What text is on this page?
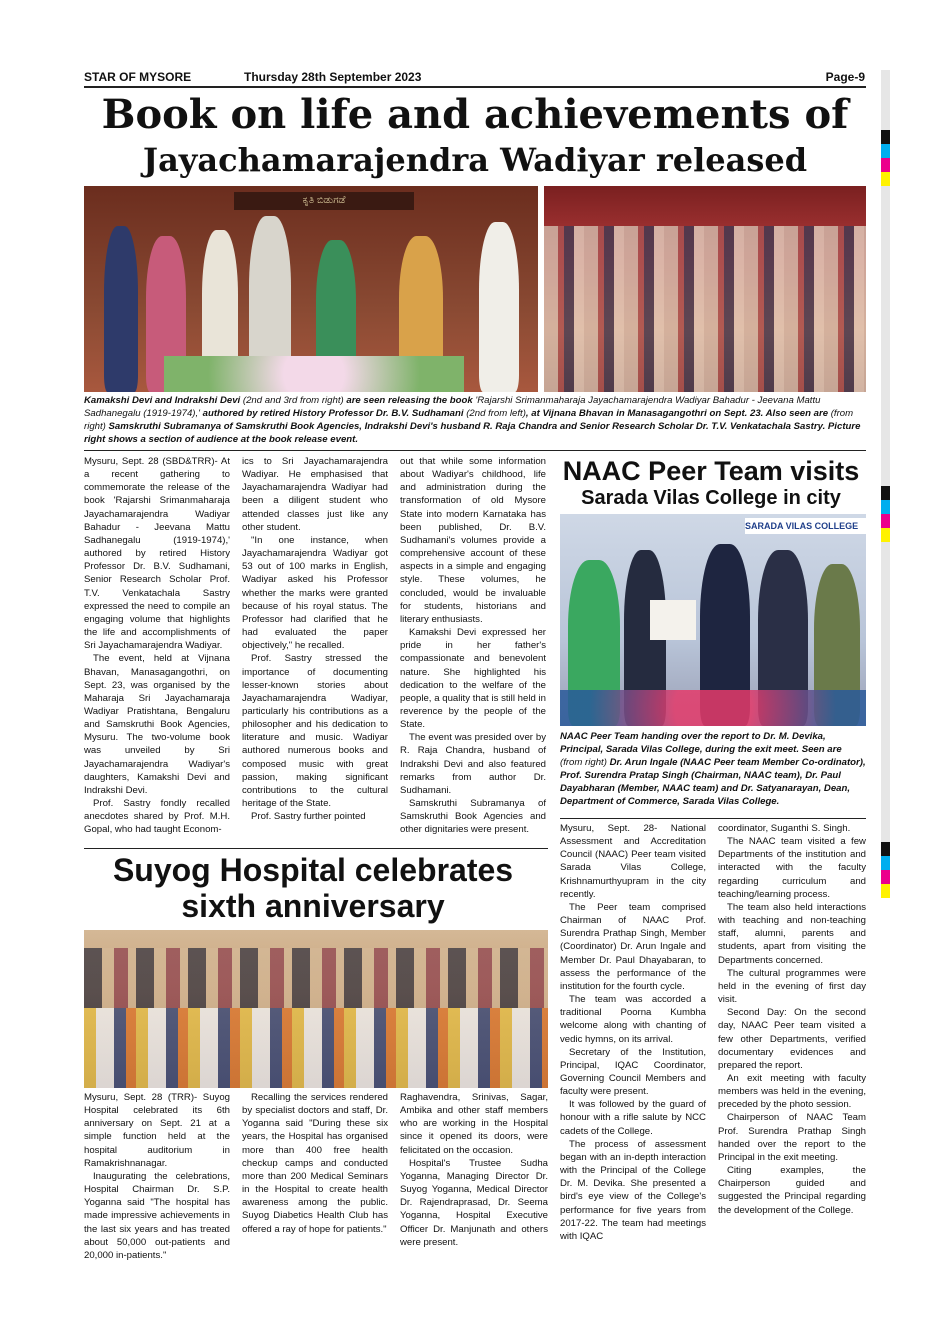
STAR OF MYSORE	Thursday 28th September 2023	Page-9
Book on life and achievements of
Jayachamarajendra Wadiyar released
ಕೃತಿ ಬಿಡುಗಡೆ
Kamakshi Devi and Indrakshi Devi (2nd and 3rd from right) are seen releasing the book 'Rajarshi Srimanmaharaja Jayachamarajendra Wadiyar Bahadur - Jeevana Mattu Sadhanegalu (1919-1974),' authored by retired History Professor Dr. B.V. Sudhamani (2nd from left), at Vijnana Bhavan in Manasagangothri on Sept. 23. Also seen are (from right) Samskruthi Subramanya of Samskruthi Book Agencies, Indrakshi Devi's husband R. Raja Chandra and Senior Research Scholar Dr. T.V. Venkatachala Sastry. Picture right shows a section of audience at the book release event.

Mysuru, Sept. 28 (SBD&TRR)- At a recent gathering to commemorate the release of the book 'Rajarshi Srimanmaharaja Jayachamarajendra Wadiyar Bahadur - Jeevana Mattu Sadhanegalu (1919-1974),' authored by retired History Professor Dr. B.V. Sudhamani, Senior Research Scholar Prof. T.V. Venkatachala Sastry expressed the need to compile an engaging volume that highlights the life and accomplishments of Sri Jayachamarajendra Wadiyar.

The event, held at Vijnana Bhavan, Manasagangothri, on Sept. 23, was organised by the Maharaja Sri Jayachamaraja Wadiyar Pratishtana, Bengaluru and Samskruthi Book Agencies, Mysuru. The two-volume book was unveiled by Sri Jayachamarajendra Wadiyar's daughters, Kamakshi Devi and Indrakshi Devi.

Prof. Sastry fondly recalled anecdotes shared by Prof. M.H. Gopal, who had taught Econom-

ics to Sri Jayachamarajendra Wadiyar. He emphasised that Jayachamarajendra Wadiyar had been a diligent student who attended classes just like any other student.

"In one instance, when Jayachamarajendra Wadiyar got 53 out of 100 marks in English, Wadiyar asked his Professor whether the marks were granted because of his royal status. The Professor had clarified that he had evaluated the paper objectively," he recalled.

Prof. Sastry stressed the importance of documenting lesser-known stories about Jayachamarajendra Wadiyar, particularly his contributions as a philosopher and his dedication to literature and music. Wadiyar authored numerous books and composed music with great passion, making significant contributions to the cultural heritage of the State.

Prof. Sastry further pointed

out that while some information about Wadiyar's childhood, life and administration during the transformation of old Mysore State into modern Karnataka has been published, Dr. B.V. Sudhamani's volumes provide a comprehensive account of these aspects in a simple and engaging style. These volumes, he concluded, would be invaluable for students, historians and literary enthusiasts.

Kamakshi Devi expressed her pride in her father's compassionate and benevolent nature. She highlighted his dedication to the welfare of the people, a quality that is still held in reverence by the people of the State.

The event was presided over by R. Raja Chandra, husband of Indrakshi Devi and also featured remarks from author Dr. Sudhamani.

Samskruthi Subramanya of Samskruthi Book Agencies and other dignitaries were present.

NAAC Peer Team visits
Sarada Vilas College in city
SARADA VILAS COLLEGE
NAAC Peer Team handing over the report to Dr. M. Devika, Principal, Sarada Vilas College, during the exit meet. Seen are (from right) Dr. Arun Ingale (NAAC Peer team Member Co-ordinator), Prof. Surendra Pratap Singh (Chairman, NAAC team), Dr. Paul Dayabharan (Member, NAAC team) and Dr. Satyanarayan, Dean, Department of Commerce, Sarada Vilas College.

Mysuru, Sept. 28- National Assessment and Accreditation Council (NAAC) Peer team visited Sarada Vilas College, Krishnamurthyupram in the city recently.

The Peer team comprised Chairman of NAAC Prof. Surendra Prathap Singh, Member (Coordinator) Dr. Arun Ingale and Member Dr. Paul Dhayabaran, to assess the performance of the institution for the fourth cycle.

The team was accorded a traditional Poorna Kumbha welcome along with chanting of vedic hymns, on its arrival.

Secretary of the Institution, Principal, IQAC Coordinator, Governing Council Members and faculty were present.

It was followed by the guard of honour with a rifle salute by NCC cadets of the College.

The process of assessment began with an in-depth interaction with the Principal of the College Dr. M. Devika. She presented a bird's eye view of the College's performance for five years from 2017-22. The team had meetings with IQAC

coordinator, Suganthi S. Singh.

The NAAC team visited a few Departments of the institution and interacted with the faculty regarding curriculum and teaching/learning process.

The team also held interactions with teaching and non-teaching staff, alumni, parents and students, apart from visiting the Departments concerned.

The cultural programmes were held in the evening of first day visit.

Second Day: On the second day, NAAC Peer team visited a few other Departments, verified documentary evidences and prepared the report.

An exit meeting with faculty members was held in the evening, preceded by the photo session.

Chairperson of NAAC Team Prof. Surendra Prathap Singh handed over the report to the Principal in the exit meeting.

Citing examples, the Chairperson guided and suggested the Principal regarding the development of the College.

Suyog Hospital celebrates
sixth anniversary

Mysuru, Sept. 28 (TRR)- Suyog Hospital celebrated its 6th anniversary on Sept. 21 at a simple function held at the hospital auditorium in Ramakrishnanagar.

Inaugurating the celebrations, Hospital Chairman Dr. S.P. Yoganna said "The hospital has made impressive achievements in the last six years and has treated about 50,000 out-patients and 20,000 in-patients."

Recalling the services rendered by specialist doctors and staff, Dr. Yoganna said "During these six years, the Hospital has organised more than 400 free health checkup camps and conducted more than 200 Medical Seminars in the Hospital to create health awareness among the public. Suyog Diabetics Health Club has offered a ray of hope for patients."

Raghavendra, Srinivas, Sagar, Ambika and other staff members who are working in the Hospital since it opened its doors, were felicitated on the occasion.

Hospital's Trustee Sudha Yoganna, Managing Director Dr. Suyog Yoganna, Medical Director Dr. Rajendraprasad, Dr. Seema Yoganna, Hospital Executive Officer Dr. Manjunath and others were present.
